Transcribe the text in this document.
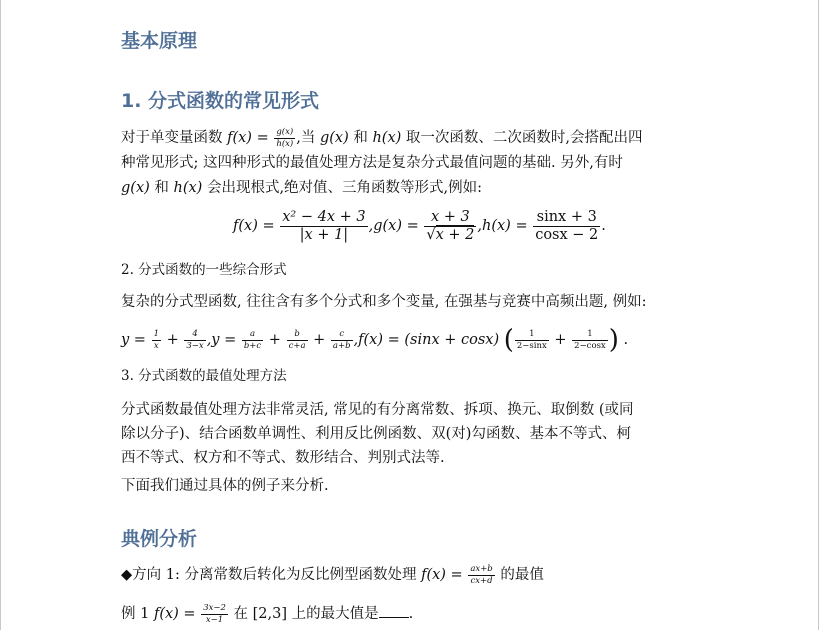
基本原理
1. 分式函数的常见形式

对于单变量函数 $f(x) = \frac{g(x)}{h(x)}$ ,当 g(x) 和 h(x) 取一次函数、二次函数时,会搭配出四

种常见形式; 这四种形式的最值处理方法是复杂分式最值问题的基础. 另外,有时

g(x) 和 h(x) 会出现根式,绝对值、三角函数等形式,例如:

$f(x) = \frac{\text{x² − 4x + 3}}{|x + 1|} ,g(x) = \frac{x + 3}{√x + 2} ,h(x) = \frac{\sin x + 3}{\cos x - 2}$ .

2. 分式函数的一些综合形式

复杂的分式型函数, 往往含有多个分式和多个变量, 在强基与竞赛中高频出题, 例如:

$y = \frac{1}{x} + \frac{4}{3-x} ,y = \frac{a}{b+c} + \frac{b}{c+a} + \frac{c}{a+b} ,f(x) = (\sin x + \cos x)$ ( $\frac{1}{2-\sin x} + \frac{1}{2-\cos x}$ ) .

3. 分式函数的最值处理方法

分式函数最值处理方法非常灵活, 常见的有分离常数、拆项、换元、取倒数 (或同

除以分子)、结合函数单调性、利用反比例函数、双(对)勾函数、基本不等式、柯

西不等式、权方和不等式、数形结合、判别式法等.

下面我们通过具体的例子来分析.

典例分析

◆方向 1: 分离常数后转化为反比例型函数处理 $f(x) = \frac{ax+b}{cx+d}$ 的最值

例 1 $f(x) = \frac{3x-2}{x-1}$ 在 [2,3] 上的最大值是 .
